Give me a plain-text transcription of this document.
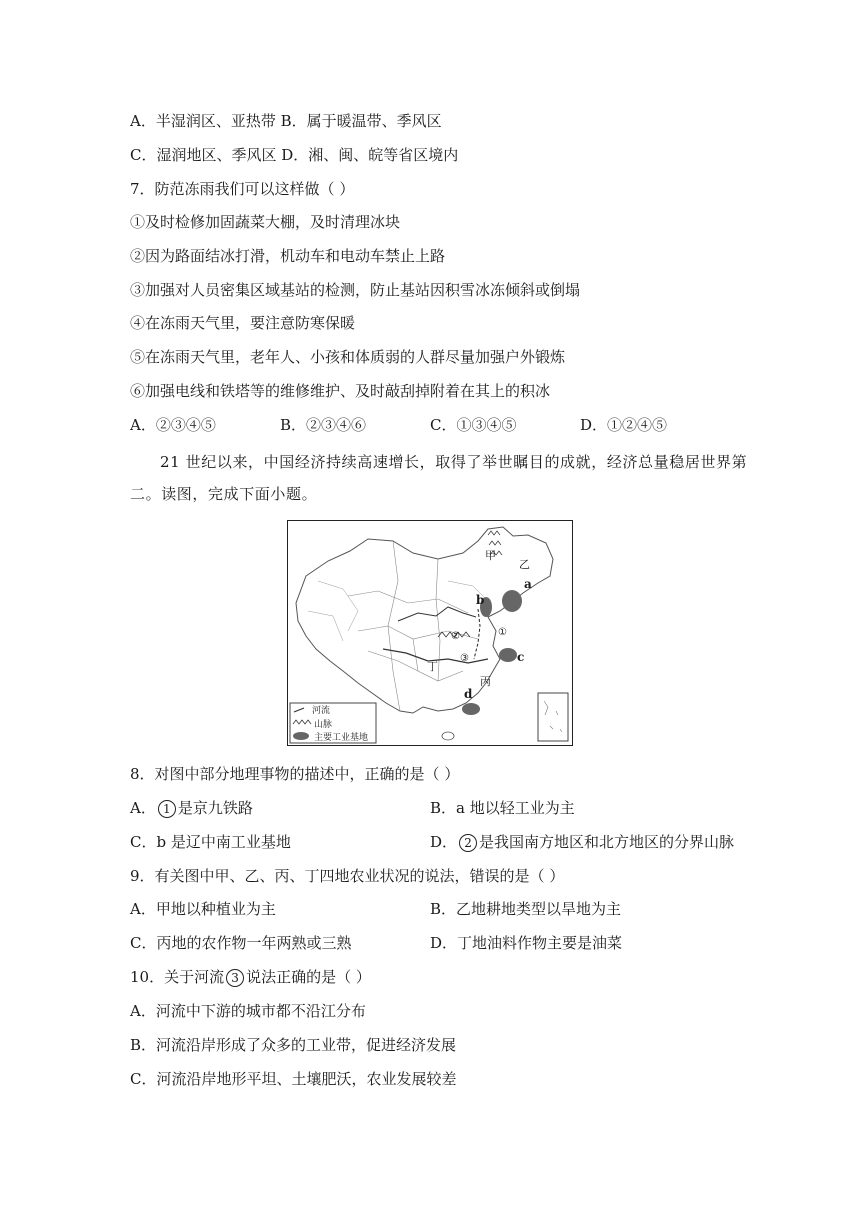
A．半湿润区、亚热带 B．属于暖温带、季风区
C．湿润地区、季风区 D．湘、闽、皖等省区境内
7．防范冻雨我们可以这样做（ ）
①及时检修加固蔬菜大棚，及时清理冰块
②因为路面结冰打滑，机动车和电动车禁止上路
③加强对人员密集区域基站的检测，防止基站因积雪冰冻倾斜或倒塌
④在冻雨天气里，要注意防寒保暖
⑤在冻雨天气里，老年人、小孩和体质弱的人群尽量加强户外锻炼
⑥加强电线和铁塔等的维修维护、及时敲刮掉附着在其上的积冰
A．②③④⑤	B．②③④⑥	C．①③④⑤	D．①②④⑤
21 世纪以来，中国经济持续高速增长，取得了举世瞩目的成就，经济总量稳居世界第
二。读图，完成下面小题。
甲
乙
a
b
c
d
①
②
③
丁
丙
河流
山脉
主要工业基地
8．对图中部分地理事物的描述中，正确的是（ ）
A． 1 是京九铁路	B．a 地以轻工业为主
C．b 是辽中南工业基地	D． 2 是我国南方地区和北方地区的分界山脉
9．有关图中甲、乙、丙、丁四地农业状况的说法，错误的是（ ）
A．甲地以种植业为主	B．乙地耕地类型以旱地为主
C．丙地的农作物一年两熟或三熟	D．丁地油料作物主要是油菜
10．关于河流 3 说法正确的是（ ）
A．河流中下游的城市都不沿江分布
B．河流沿岸形成了众多的工业带，促进经济发展
C．河流沿岸地形平坦、土壤肥沃，农业发展较差
